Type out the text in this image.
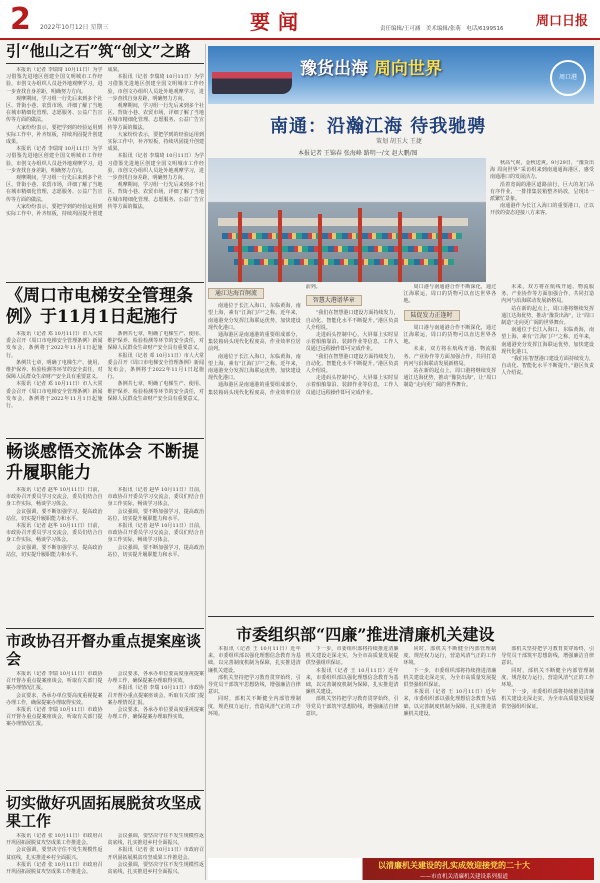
2 2022年10月12日 星期三	要闻	责任编辑/王可涵　美术编辑/张萌　电话/6199516 周口日报
引“他山之石”筑“创文”之路

本报讯（记者 李瑞琦 10月11日）为学习借鉴先进地区创建全国文明城市工作经验，市创文办组织人员赴外地观摩学习，进一步查找自身差距，明确努力方向。

观摩期间，学习组一行先后来到多个社区、背街小巷、农贸市场，详细了解了当地在城市精细化管理、志愿服务、公益广告宣传等方面的做法。

大家纷纷表示，要把学到的经验运用到实际工作中，补齐短板，持续巩固提升创建成果。

本报讯（记者 李瑞琦 10月11日）为学习借鉴先进地区创建全国文明城市工作经验，市创文办组织人员赴外地观摩学习，进一步查找自身差距，明确努力方向。

观摩期间，学习组一行先后来到多个社区、背街小巷、农贸市场，详细了解了当地在城市精细化管理、志愿服务、公益广告宣传等方面的做法。

大家纷纷表示，要把学到的经验运用到实际工作中，补齐短板，持续巩固提升创建成果。

本报讯（记者 李瑞琦 10月11日）为学习借鉴先进地区创建全国文明城市工作经验，市创文办组织人员赴外地观摩学习，进一步查找自身差距，明确努力方向。

观摩期间，学习组一行先后来到多个社区、背街小巷、农贸市场，详细了解了当地在城市精细化管理、志愿服务、公益广告宣传等方面的做法。

大家纷纷表示，要把学到的经验运用到实际工作中，补齐短板，持续巩固提升创建成果。

本报讯（记者 李瑞琦 10月11日）为学习借鉴先进地区创建全国文明城市工作经验，市创文办组织人员赴外地观摩学习，进一步查找自身差距，明确努力方向。

观摩期间，学习组一行先后来到多个社区、背街小巷、农贸市场，详细了解了当地在城市精细化管理、志愿服务、公益广告宣传等方面的做法。

《周口市电梯安全管理条例》于11月1日起施行

本报讯（记者 邓 10月11日）市人大常委会召开《周口市电梯安全管理条例》新闻发布会，条例将于2022年11月1日起施行。

条例共七章，明确了电梯生产、使用、维护保养、检验检测等环节的安全责任，对保障人民群众生命财产安全具有重要意义。

本报讯（记者 邓 10月11日）市人大常委会召开《周口市电梯安全管理条例》新闻发布会，条例将于2022年11月1日起施行。

条例共七章，明确了电梯生产、使用、维护保养、检验检测等环节的安全责任，对保障人民群众生命财产安全具有重要意义。

本报讯（记者 邓 10月11日）市人大常委会召开《周口市电梯安全管理条例》新闻发布会，条例将于2022年11月1日起施行。

条例共七章，明确了电梯生产、使用、维护保养、检验检测等环节的安全责任，对保障人民群众生命财产安全具有重要意义。

畅谈感悟交流体会 不断提升履职能力

本报讯（记者 赵华 10月11日）日前，市政协召开委员学习交流会，委员们结合自身工作实际，畅谈学习体会。

会议强调，要不断加强学习，提高政治站位，切实提升履职能力和水平。

本报讯（记者 赵华 10月11日）日前，市政协召开委员学习交流会，委员们结合自身工作实际，畅谈学习体会。

会议强调，要不断加强学习，提高政治站位，切实提升履职能力和水平。

本报讯（记者 赵华 10月11日）日前，市政协召开委员学习交流会，委员们结合自身工作实际，畅谈学习体会。

会议强调，要不断加强学习，提高政治站位，切实提升履职能力和水平。

本报讯（记者 赵华 10月11日）日前，市政协召开委员学习交流会，委员们结合自身工作实际，畅谈学习体会。

会议强调，要不断加强学习，提高政治站位，切实提升履职能力和水平。

市政协召开督办重点提案座谈会

本报讯（记者 李瑞 10月11日）市政协召开督办重点提案座谈会，听取有关部门提案办理情况汇报。

会议要求，各承办单位要高度重视提案办理工作，确保提案办理取得实效。

本报讯（记者 李瑞 10月11日）市政协召开督办重点提案座谈会，听取有关部门提案办理情况汇报。

会议要求，各承办单位要高度重视提案办理工作，确保提案办理取得实效。

本报讯（记者 李瑞 10月11日）市政协召开督办重点提案座谈会，听取有关部门提案办理情况汇报。

会议要求，各承办单位要高度重视提案办理工作，确保提案办理取得实效。

切实做好巩固拓展脱贫攻坚成果工作

本报讯（记者 张 10月11日）市政府召开巩固拓展脱贫攻坚成果工作推进会。

会议强调，要坚决守住不发生规模性返贫底线，扎实推进乡村全面振兴。

本报讯（记者 张 10月11日）市政府召开巩固拓展脱贫攻坚成果工作推进会。

会议强调，要坚决守住不发生规模性返贫底线，扎实推进乡村全面振兴。

本报讯（记者 张 10月11日）市政府召开巩固拓展脱贫攻坚成果工作推进会。

会议强调，要坚决守住不发生规模性返贫底线，扎实推进乡村全面振兴。

豫货出海 周向世界	周口港
南通：沿瀚江海 待我驰骋
策划 胡玉大 王捷
本报记者 王锦春 张海峰 路明一/文 赵大鹏/图

秋高气爽，金秋送爽。9月29日，“豫货出海 周向世界”采访组来到南通通海港区，感受南通港口的发展活力。

沿着宽阔的港区道路前行，巨大的龙门吊有序作业，一排排集装箱整齐码放，呈现出一派繁忙景象。

南通港作为长江入海口的重要港口，正以开放的姿态迎接八方来客。

通江达海百舸流

南通位于长江入海口，东临黄海，南望上海，素有“江海门户”之称。近年来，南通港充分发挥江海联运优势，加快建设现代化港口。

通海港区是南通港的重要组成部分，集装箱码头现代化程度高，作业效率位居前列。

南通位于长江入海口，东临黄海，南望上海，素有“江海门户”之称。近年来，南通港充分发挥江海联运优势，加快建设现代化港口。

通海港区是南通港的重要组成部分，集装箱码头现代化程度高，作业效率位居前列。

智慧大港谱华章

“我们在智慧港口建设方面持续发力，自动化、智能化水平不断提升。”港区负责人介绍说。

走进码头控制中心，大屏幕上实时显示着船舶靠泊、装卸作业等信息，工作人员通过远程操作即可完成作业。

“我们在智慧港口建设方面持续发力，自动化、智能化水平不断提升。”港区负责人介绍说。

走进码头控制中心，大屏幕上实时显示着船舶靠泊、装卸作业等信息，工作人员通过远程操作即可完成作业。

周口港与南通港合作不断深化，通过江海联运，周口的货物可以直达世界各地。

陆促发力正逢时

周口港与南通港合作不断深化，通过江海联运，周口的货物可以直达世界各地。

未来，双方将在航线开通、物流服务、产业协作等方面加强合作，共同打造内河与沿海联动发展新格局。

站在新的起点上，周口港将继续发挥通江达海优势，推动“豫货出海”，让“周口制造”走向更广阔的世界舞台。

未来，双方将在航线开通、物流服务、产业协作等方面加强合作，共同打造内河与沿海联动发展新格局。

站在新的起点上，周口港将继续发挥通江达海优势，推动“豫货出海”，让“周口制造”走向更广阔的世界舞台。

南通位于长江入海口，东临黄海，南望上海，素有“江海门户”之称。近年来，南通港充分发挥江海联运优势，加快建设现代化港口。

“我们在智慧港口建设方面持续发力，自动化、智能化水平不断提升。”港区负责人介绍说。

市委组织部“四廉”推进清廉机关建设

本报讯（记者 王 10月11日）近年来，市委组织部以强化理想信念教育为基础，以完善制度机制为保障，扎实推进清廉机关建设。

部机关坚持把学习教育贯穿始终，引导党员干部筑牢思想防线，增强廉洁自律意识。

同时，部机关不断健全内部管理制度，规范权力运行，营造风清气正的工作环境。

下一步，市委组织部将持续推进清廉机关建设走深走实，为全市高质量发展提供坚强组织保证。

本报讯（记者 王 10月11日）近年来，市委组织部以强化理想信念教育为基础，以完善制度机制为保障，扎实推进清廉机关建设。

部机关坚持把学习教育贯穿始终，引导党员干部筑牢思想防线，增强廉洁自律意识。

同时，部机关不断健全内部管理制度，规范权力运行，营造风清气正的工作环境。

下一步，市委组织部将持续推进清廉机关建设走深走实，为全市高质量发展提供坚强组织保证。

本报讯（记者 王 10月11日）近年来，市委组织部以强化理想信念教育为基础，以完善制度机制为保障，扎实推进清廉机关建设。

部机关坚持把学习教育贯穿始终，引导党员干部筑牢思想防线，增强廉洁自律意识。

同时，部机关不断健全内部管理制度，规范权力运行，营造风清气正的工作环境。

下一步，市委组织部将持续推进清廉机关建设走深走实，为全市高质量发展提供坚强组织保证。

以清廉机关建设的扎实成效迎接党的二十大
——市直机关清廉机关建设系列报道
